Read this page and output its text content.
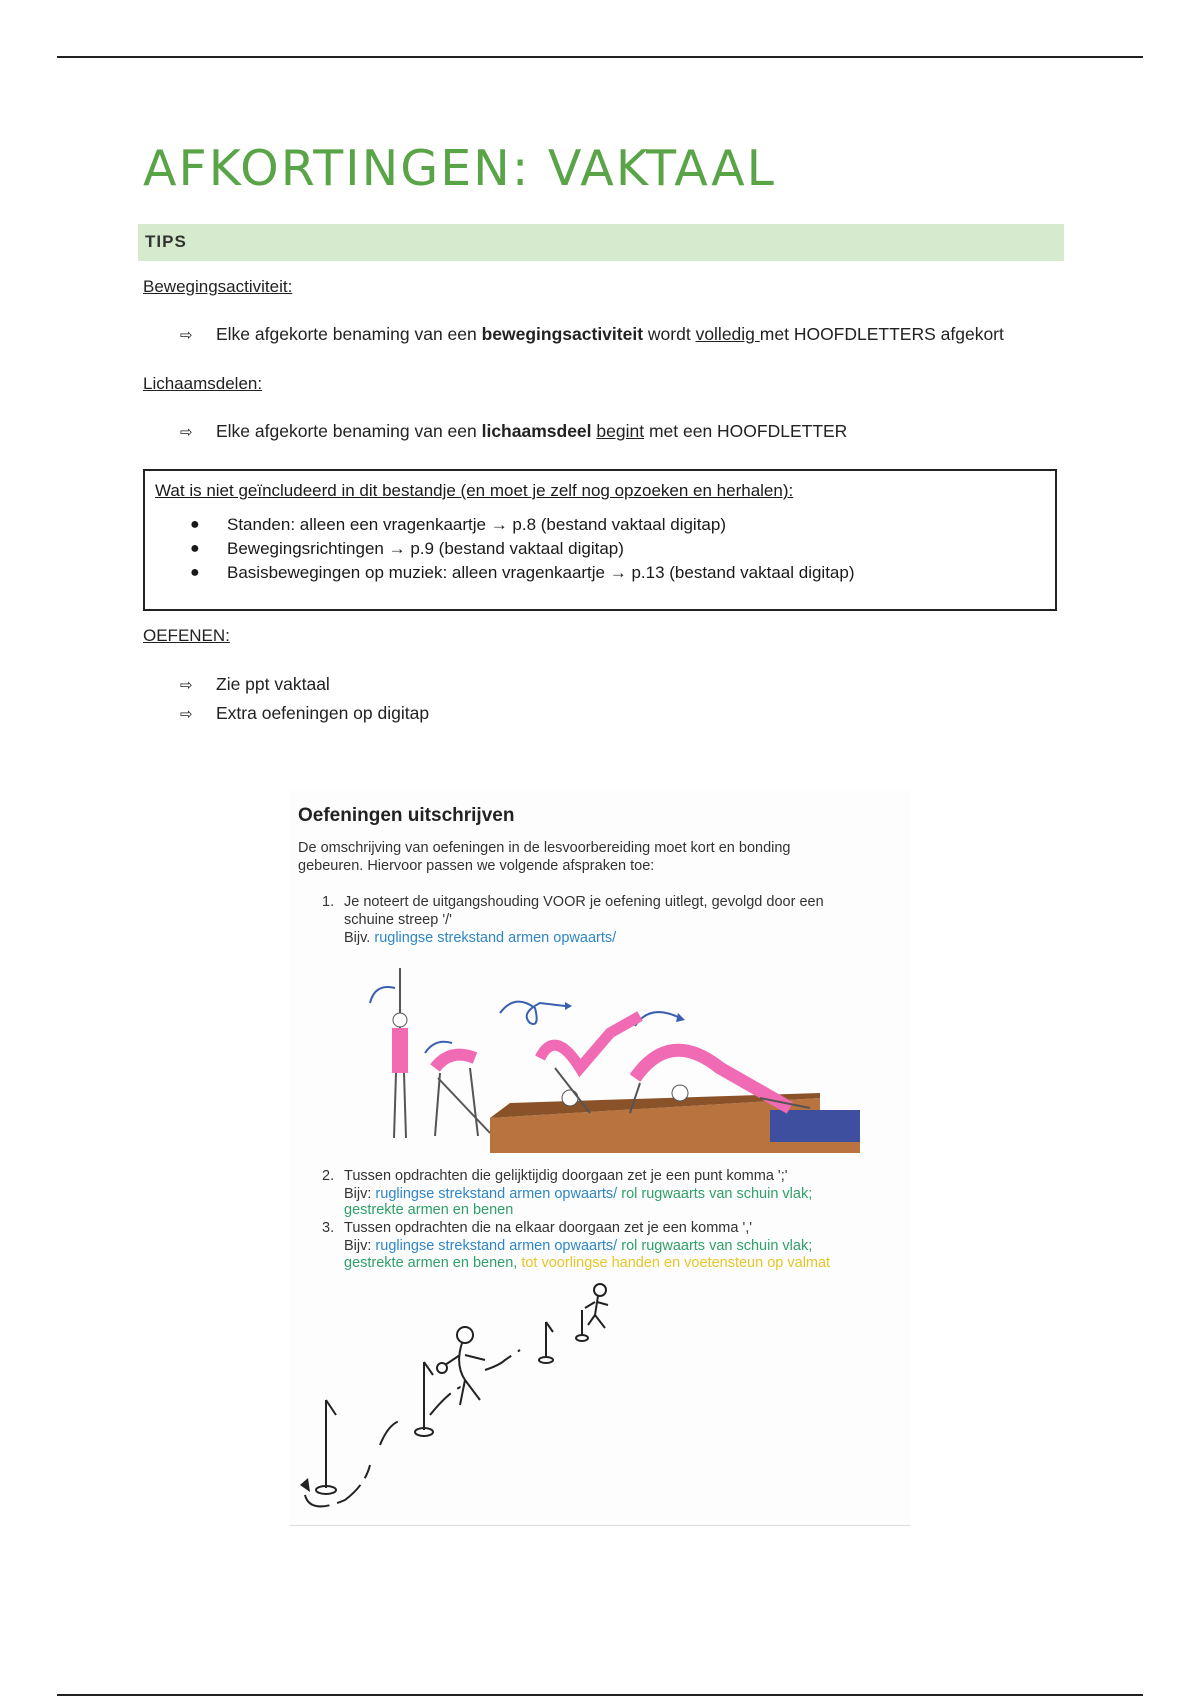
AFKORTINGEN: VAKTAAL
TIPS
Bewegingsactiviteit:
⇨ Elke afgekorte benaming van een bewegingsactiviteit wordt volledig met HOOFDLETTERS afgekort
Lichaamsdelen:
⇨ Elke afgekorte benaming van een lichaamsdeel begint met een HOOFDLETTER
Wat is niet geïncludeerd in dit bestandje (en moet je zelf nog opzoeken en herhalen):
● Standen: alleen een vragenkaartje → p.8 (bestand vaktaal digitap)
● Bewegingsrichtingen → p.9 (bestand vaktaal digitap)
● Basisbewegingen op muziek: alleen vragenkaartje → p.13 (bestand vaktaal digitap)
OEFENEN:
⇨ Zie ppt vaktaal
⇨ Extra oefeningen op digitap
Oefeningen uitschrijven
De omschrijving van oefeningen in de lesvoorbereiding moet kort en bonding
gebeuren. Hiervoor passen we volgende afspraken toe:
1. Je noteert de uitgangshouding VOOR je oefening uitlegt, gevolgd door een
schuine streep '/'
Bijv. ruglingse strekstand armen opwaarts/
2. Tussen opdrachten die gelijktijdig doorgaan zet je een punt komma ';'
Bijv: ruglingse strekstand armen opwaarts/ rol rugwaarts van schuin vlak;
gestrekte armen en benen
3. Tussen opdrachten die na elkaar doorgaan zet je een komma ','
Bijv: ruglingse strekstand armen opwaarts/ rol rugwaarts van schuin vlak;
gestrekte armen en benen, tot voorlingse handen en voetensteun op valmat
